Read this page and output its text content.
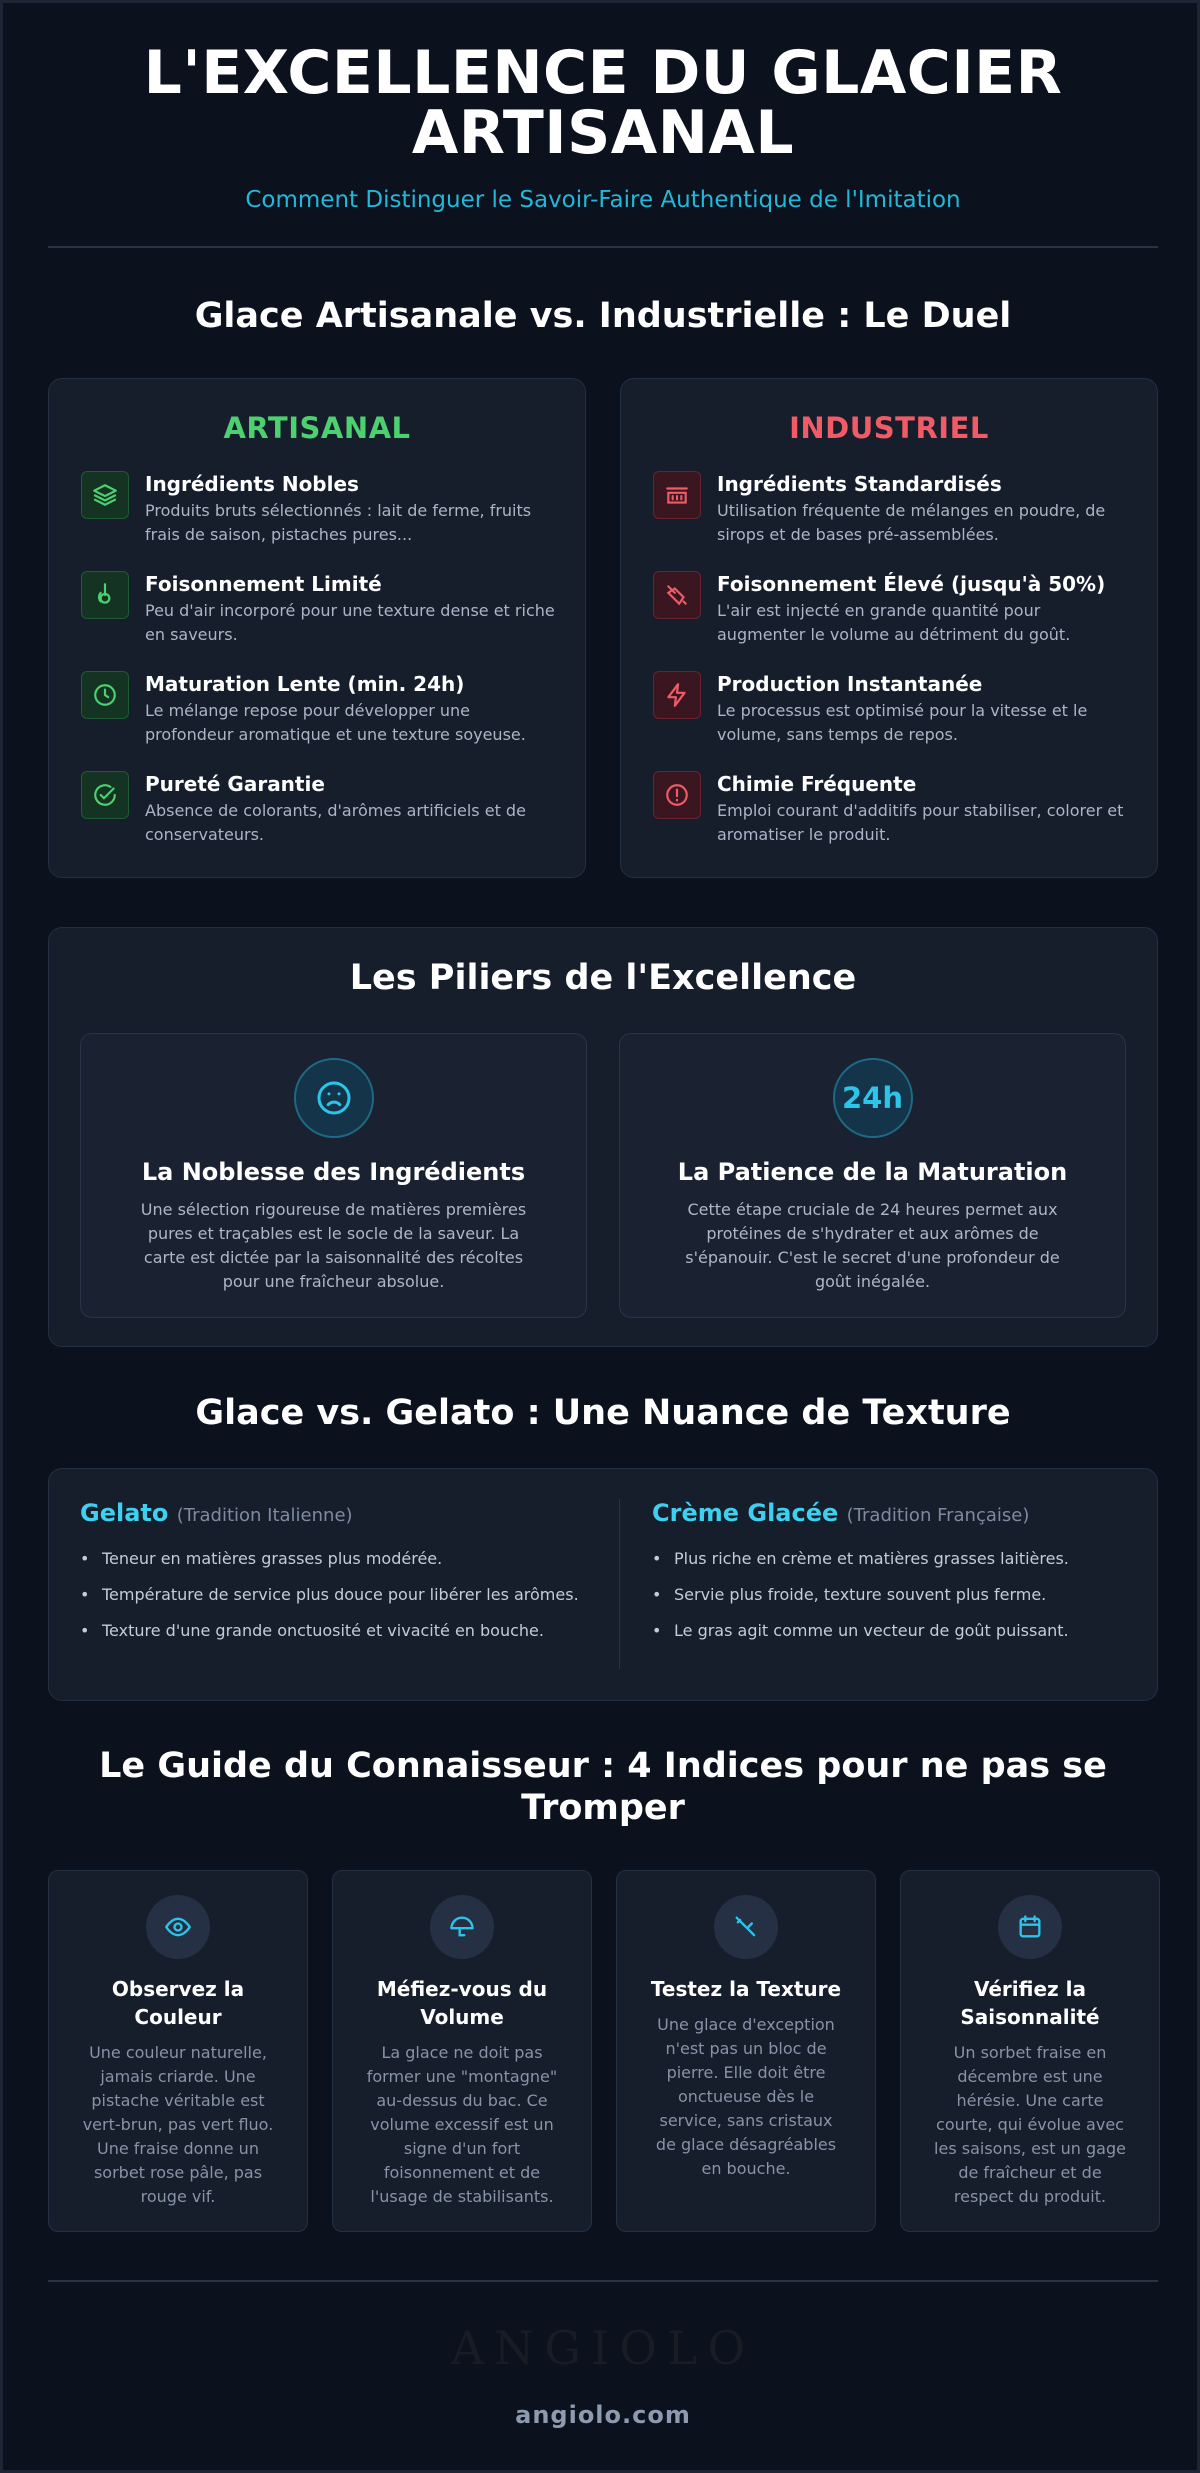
L'EXCELLENCE DU GLACIER
ARTISANAL
Comment Distinguer le Savoir-Faire Authentique de l'Imitation
Glace Artisanale vs. Industrielle : Le Duel
ARTISANAL
Ingrédients Nobles
Produits bruts sélectionnés : lait de ferme, fruits frais de saison, pistaches pures...
Foisonnement Limité
Peu d'air incorporé pour une texture dense et riche en saveurs.
Maturation Lente (min. 24h)
Le mélange repose pour développer une profondeur aromatique et une texture soyeuse.
Pureté Garantie
Absence de colorants, d'arômes artificiels et de conservateurs.
INDUSTRIEL
Ingrédients Standardisés
Utilisation fréquente de mélanges en poudre, de sirops et de bases pré-assemblées.
Foisonnement Élevé (jusqu'à 50%)
L'air est injecté en grande quantité pour augmenter le volume au détriment du goût.
Production Instantanée
Le processus est optimisé pour la vitesse et le volume, sans temps de repos.
Chimie Fréquente
Emploi courant d'additifs pour stabiliser, colorer et aromatiser le produit.
Les Piliers de l'Excellence
La Noblesse des Ingrédients
Une sélection rigoureuse de matières premières pures et traçables est le socle de la saveur. La carte est dictée par la saisonnalité des récoltes pour une fraîcheur absolue.
24h
La Patience de la Maturation
Cette étape cruciale de 24 heures permet aux protéines de s'hydrater et aux arômes de s'épanouir. C'est le secret d'une profondeur de goût inégalée.
Glace vs. Gelato : Une Nuance de Texture
Gelato (Tradition Italienne)
• Teneur en matières grasses plus modérée.
• Température de service plus douce pour libérer les arômes.
• Texture d'une grande onctuosité et vivacité en bouche.
Crème Glacée (Tradition Française)
• Plus riche en crème et matières grasses laitières.
• Servie plus froide, texture souvent plus ferme.
• Le gras agit comme un vecteur de goût puissant.
Le Guide du Connaisseur : 4 Indices pour ne pas se Tromper
Observez la Couleur
Une couleur naturelle, jamais criarde. Une pistache véritable est vert-brun, pas vert fluo. Une fraise donne un sorbet rose pâle, pas rouge vif.
Méfiez-vous du Volume
La glace ne doit pas former une "montagne" au-dessus du bac. Ce volume excessif est un signe d'un fort foisonnement et de l'usage de stabilisants.
Testez la Texture
Une glace d'exception n'est pas un bloc de pierre. Elle doit être onctueuse dès le service, sans cristaux de glace désagréables en bouche.
Vérifiez la Saisonnalité
Un sorbet fraise en décembre est une hérésie. Une carte courte, qui évolue avec les saisons, est un gage de fraîcheur et de respect du produit.
ANGIOLO
angiolo.com
